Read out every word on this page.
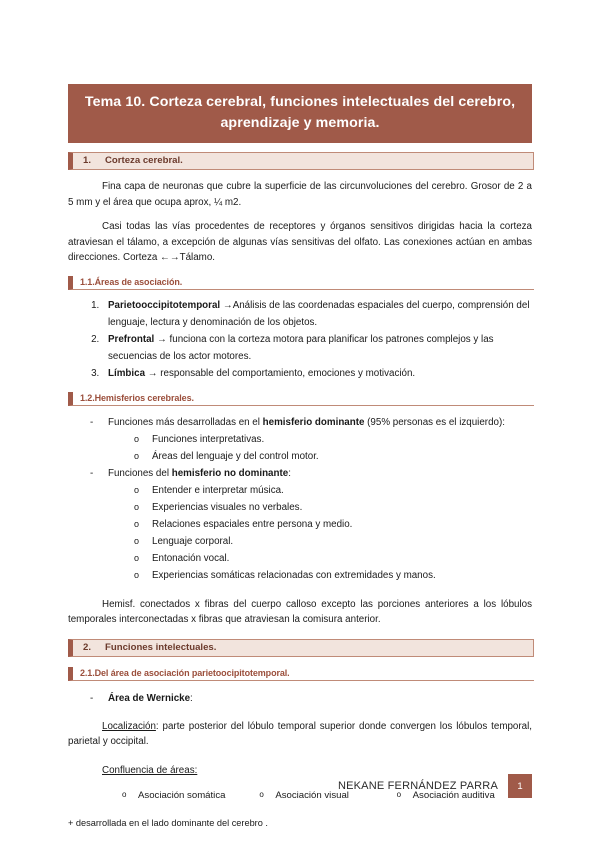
Tema 10. Corteza cerebral, funciones intelectuales del cerebro, aprendizaje y memoria.
1. Corteza cerebral.

Fina capa de neuronas que cubre la superficie de las circunvoluciones del cerebro. Grosor de 2 a 5 mm y el área que ocupa aprox, ¼ m2.

Casi todas las vías procedentes de receptores y órganos sensitivos dirigidas hacia la corteza atraviesan el tálamo, a excepción de algunas vías sensitivas del olfato. Las conexiones actúan en ambas direcciones. Corteza ←→Tálamo.

1.1.Áreas de asociación.
1. Parietooccipitotemporal →Análisis de las coordenadas espaciales del cuerpo, comprensión del lenguaje, lectura y denominación de los objetos.
2. Prefrontal → funciona con la corteza motora para planificar los patrones complejos y las secuencias de los actor motores.
3. Límbica → responsable del comportamiento, emociones y motivación.
1.2.Hemisferios cerebrales.
- Funciones más desarrolladas en el hemisferio dominante (95% personas es el izquierdo):
o Funciones interpretativas.
o Áreas del lenguaje y del control motor.
- Funciones del hemisferio no dominante:
o Entender e interpretar música.
o Experiencias visuales no verbales.
o Relaciones espaciales entre persona y medio.
o Lenguaje corporal.
o Entonación vocal.
o Experiencias somáticas relacionadas con extremidades y manos.

Hemisf. conectados x fibras del cuerpo calloso excepto las porciones anteriores a los lóbulos temporales interconectadas x fibras que atraviesan la comisura anterior.

2. Funciones intelectuales.
2.1.Del área de asociación parietoocipitotemporal.
- Área de Wernicke:

Localización: parte posterior del lóbulo temporal superior donde convergen los lóbulos temporal, parietal y occipital.

Confluencia de áreas:

o Asociación somática	o Asociación visual	o Asociación auditiva

+ desarrollada en el lado dominante del cerebro .

NEKANE FERNÁNDEZ PARRA	1
